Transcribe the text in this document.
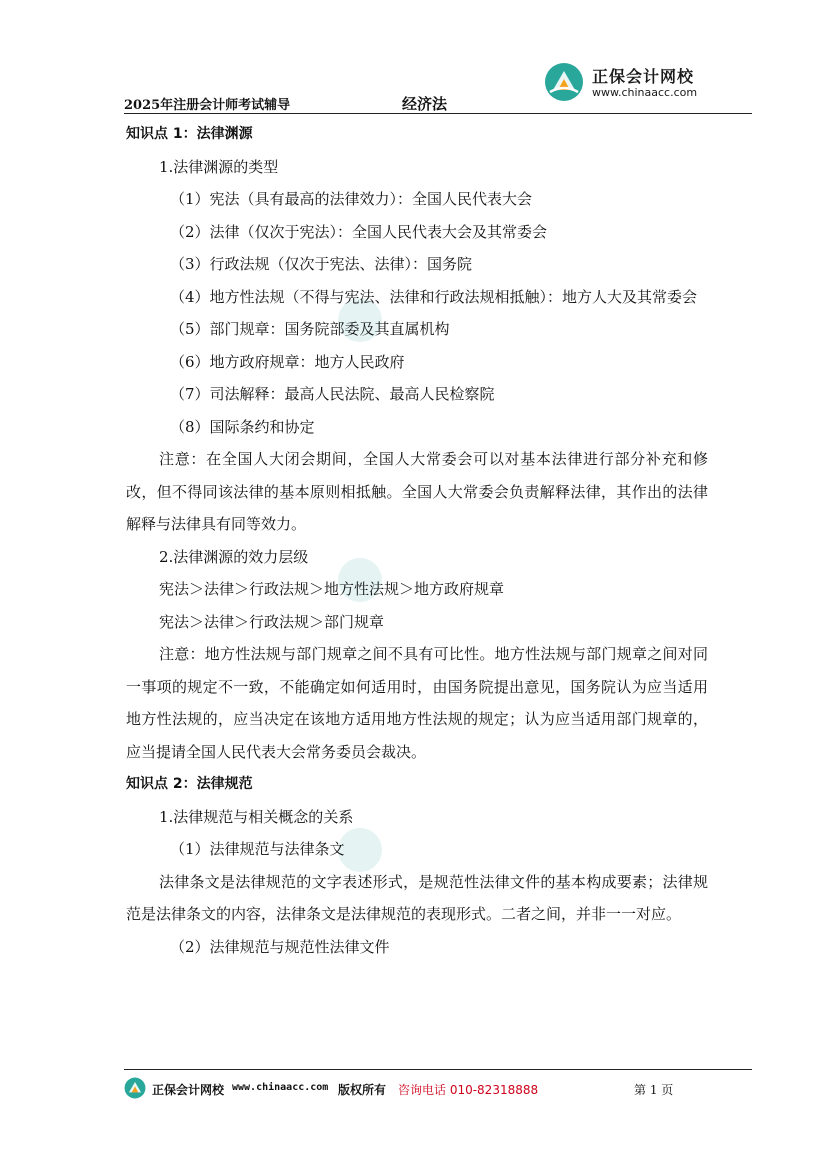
2025年注册会计师考试辅导	经济法
正保会计网校
www.chinaacc.com

知识点 1：法律渊源

1.法律渊源的类型

（1）宪法（具有最高的法律效力）：全国人民代表大会

（2）法律（仅次于宪法）：全国人民代表大会及其常委会

（3）行政法规（仅次于宪法、法律）：国务院

（4）地方性法规（不得与宪法、法律和行政法规相抵触）：地方人大及其常委会

（5）部门规章：国务院部委及其直属机构

（6）地方政府规章：地方人民政府

（7）司法解释：最高人民法院、最高人民检察院

（8）国际条约和协定

注意：在全国人大闭会期间，全国人大常委会可以对基本法律进行部分补充和修改，但不得同该法律的基本原则相抵触。全国人大常委会负责解释法律，其作出的法律解释与法律具有同等效力。

2.法律渊源的效力层级

宪法＞法律＞行政法规＞地方性法规＞地方政府规章

宪法＞法律＞行政法规＞部门规章

注意：地方性法规与部门规章之间不具有可比性。地方性法规与部门规章之间对同一事项的规定不一致，不能确定如何适用时，由国务院提出意见，国务院认为应当适用地方性法规的，应当决定在该地方适用地方性法规的规定；认为应当适用部门规章的，应当提请全国人民代表大会常务委员会裁决。

知识点 2：法律规范

1.法律规范与相关概念的关系

（1）法律规范与法律条文

法律条文是法律规范的文字表述形式，是规范性法律文件的基本构成要素；法律规范是法律条文的内容，法律条文是法律规范的表现形式。二者之间，并非一一对应。

（2）法律规范与规范性法律文件

正保会计网校 www.chinaacc.com 版权所有 咨询电话 010-82318888	第 1 页
